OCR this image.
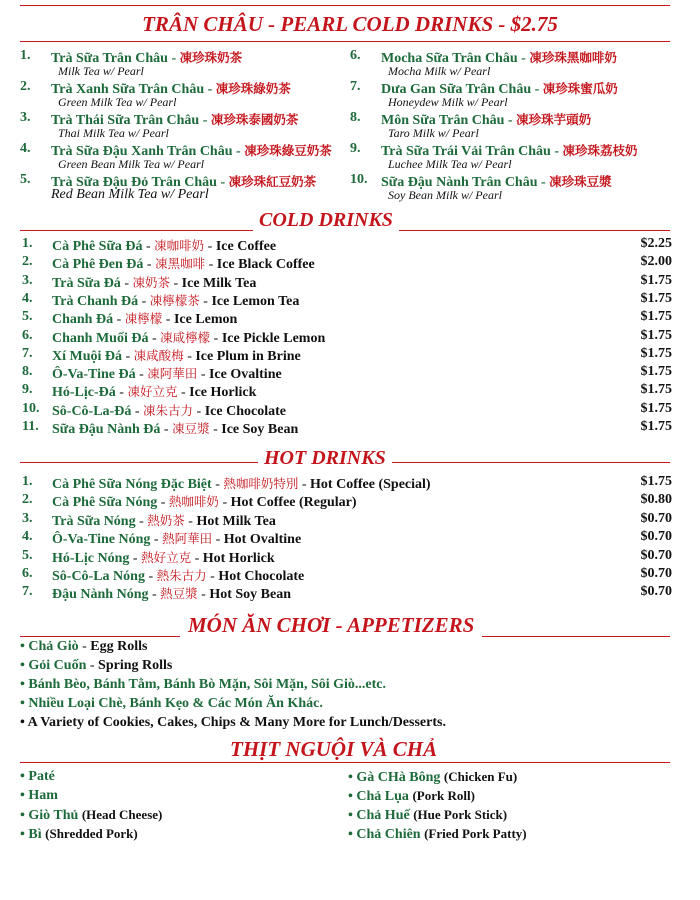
TRÂN CHÂU - PEARL COLD DRINKS - $2.75
1. Trà Sữa Trân Châu - 凍珍珠奶茶
Milk Tea w/ Pearl
2. Trà Xanh Sữa Trân Châu - 凍珍珠綠奶茶
Green Milk Tea w/ Pearl
3. Trà Thái Sữa Trân Châu - 凍珍珠泰國奶茶
Thai Milk Tea w/ Pearl
4. Trà Sữa Đậu Xanh Trân Châu - 凍珍珠綠豆奶茶
Green Bean Milk Tea w/ Pearl
5. Trà Sữa Đậu Đỏ Trân Châu - 凍珍珠紅豆奶茶
Red Bean Milk Tea w/ Pearl
6. Mocha Sữa Trân Châu - 凍珍珠黑咖啡奶
Mocha Milk w/ Pearl
7. Dưa Gan Sữa Trân Châu - 凍珍珠蜜瓜奶
Honeydew Milk w/ Pearl
8. Môn Sữa Trân Châu - 凍珍珠芋頭奶
Taro Milk w/ Pearl
9. Trà Sữa Trái Vải Trân Châu - 凍珍珠荔枝奶
Luchee Milk Tea w/ Pearl
10. Sữa Đậu Nành Trân Châu - 凍珍珠豆漿
Soy Bean Milk w/ Pearl
COLD DRINKS
1. Cà Phê Sữa Đá - 凍咖啡奶 - Ice Coffee	$2.25
2. Cà Phê Đen Đá - 凍黑咖啡 - Ice Black Coffee	$2.00
3. Trà Sữa Đá - 凍奶茶 - Ice Milk Tea	$1.75
4. Trà Chanh Đá - 凍檸檬茶 - Ice Lemon Tea	$1.75
5. Chanh Đá - 凍檸檬 - Ice Lemon	$1.75
6. Chanh Muối Đá - 凍咸檸檬 - Ice Pickle Lemon	$1.75
7. Xí Muội Đá - 凍咸酸梅 - Ice Plum in Brine	$1.75
8. Ô-Va-Tine Đá - 凍阿華田 - Ice Ovaltine	$1.75
9. Hó-Lịc-Đá - 凍好立克 - Ice Horlick	$1.75
10. Sô-Cô-La-Đá - 凍朱古力 - Ice Chocolate	$1.75
11. Sữa Đậu Nành Đá - 凍豆漿 - Ice Soy Bean	$1.75
HOT DRINKS
1. Cà Phê Sữa Nóng Đặc Biệt - 熱咖啡奶特別 - Hot Coffee (Special)	$1.75
2. Cà Phê Sữa Nóng - 熱咖啡奶 - Hot Coffee (Regular)	$0.80
3. Trà Sữa Nóng - 熱奶茶 - Hot Milk Tea	$0.70
4. Ô-Va-Tine Nóng - 熱阿華田 - Hot Ovaltine	$0.70
5. Hó-Lịc Nóng - 熱好立克 - Hot Horlick	$0.70
6. Sô-Cô-La Nóng - 熱朱古力 - Hot Chocolate	$0.70
7. Đậu Nành Nóng - 熱豆漿 - Hot Soy Bean	$0.70
MÓN ĂN CHƠI - APPETIZERS
• Chả Giò - Egg Rolls
• Gỏi Cuốn - Spring Rolls
• Bánh Bèo, Bánh Tằm, Bánh Bò Mặn, Sôi Mặn, Sôi Giò...etc.
• Nhiều Loại Chè, Bánh Kẹo & Các Món Ăn Khác.
• A Variety of Cookies, Cakes, Chips & Many More for Lunch/Desserts.
THỊT NGUỘI VÀ CHẢ
• Paté
• Ham
• Giò Thủ (Head Cheese)
• Bì (Shredded Pork)
• Gà CHà Bông (Chicken Fu)
• Chả Lụa (Pork Roll)
• Chả Huế (Hue Pork Stick)
• Chả Chiên (Fried Pork Patty)
